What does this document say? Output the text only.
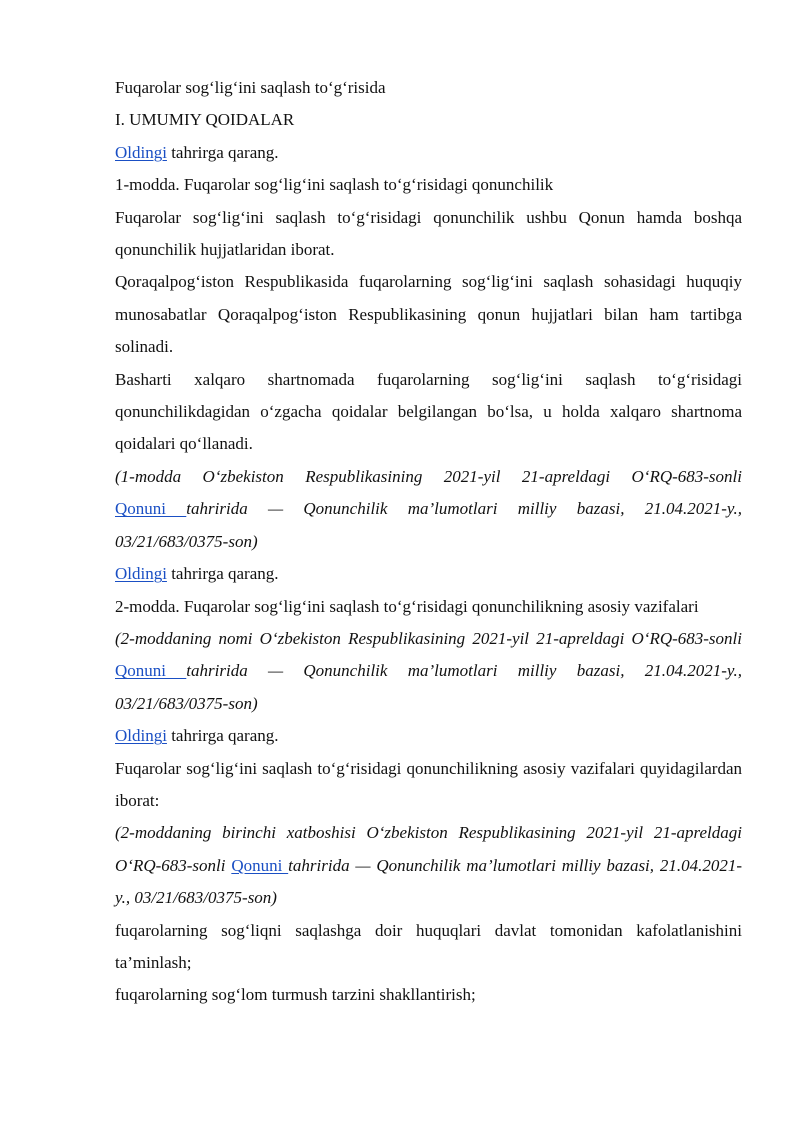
Fuqarolar sog‘lig‘ini saqlash to‘g‘risida

I. UMUMIY QOIDALAR

Oldingi tahrirga qarang.

1-modda. Fuqarolar sog‘lig‘ini saqlash to‘g‘risidagi qonunchilik

Fuqarolar sog‘lig‘ini saqlash to‘g‘risidagi qonunchilik ushbu Qonun hamda boshqa qonunchilik hujjatlaridan iborat.

Qoraqalpog‘iston Respublikasida fuqarolarning sog‘lig‘ini saqlash sohasidagi huquqiy munosabatlar Qoraqalpog‘iston Respublikasining qonun hujjatlari bilan ham tartibga solinadi.

Basharti xalqaro shartnomada fuqarolarning sog‘lig‘ini saqlash to‘g‘risidagi qonunchilikdagidan o‘zgacha qoidalar belgilangan bo‘lsa, u holda xalqaro shartnoma qoidalari qo‘llanadi.

(1-modda O‘zbekiston Respublikasining 2021-yil 21-apreldagi O‘RQ-683-sonli Qonuni tahririda — Qonunchilik ma’lumotlari milliy bazasi, 21.04.2021-y., 03/21/683/0375-son)

Oldingi tahrirga qarang.

2-modda. Fuqarolar sog‘lig‘ini saqlash to‘g‘risidagi qonunchilikning asosiy vazifalari

(2-moddaning nomi O‘zbekiston Respublikasining 2021-yil 21-apreldagi O‘RQ-683-sonli Qonuni tahririda — Qonunchilik ma’lumotlari milliy bazasi, 21.04.2021-y., 03/21/683/0375-son)

Oldingi tahrirga qarang.

Fuqarolar sog‘lig‘ini saqlash to‘g‘risidagi qonunchilikning asosiy vazifalari quyidagilardan iborat:

(2-moddaning birinchi xatboshisi O‘zbekiston Respublikasining 2021-yil 21-apreldagi O‘RQ-683-sonli Qonuni tahririda — Qonunchilik ma’lumotlari milliy bazasi, 21.04.2021-y., 03/21/683/0375-son)

fuqarolarning sog‘liqni saqlashga doir huquqlari davlat tomonidan kafolatlanishini ta’minlash;

fuqarolarning sog‘lom turmush tarzini shakllantirish;
